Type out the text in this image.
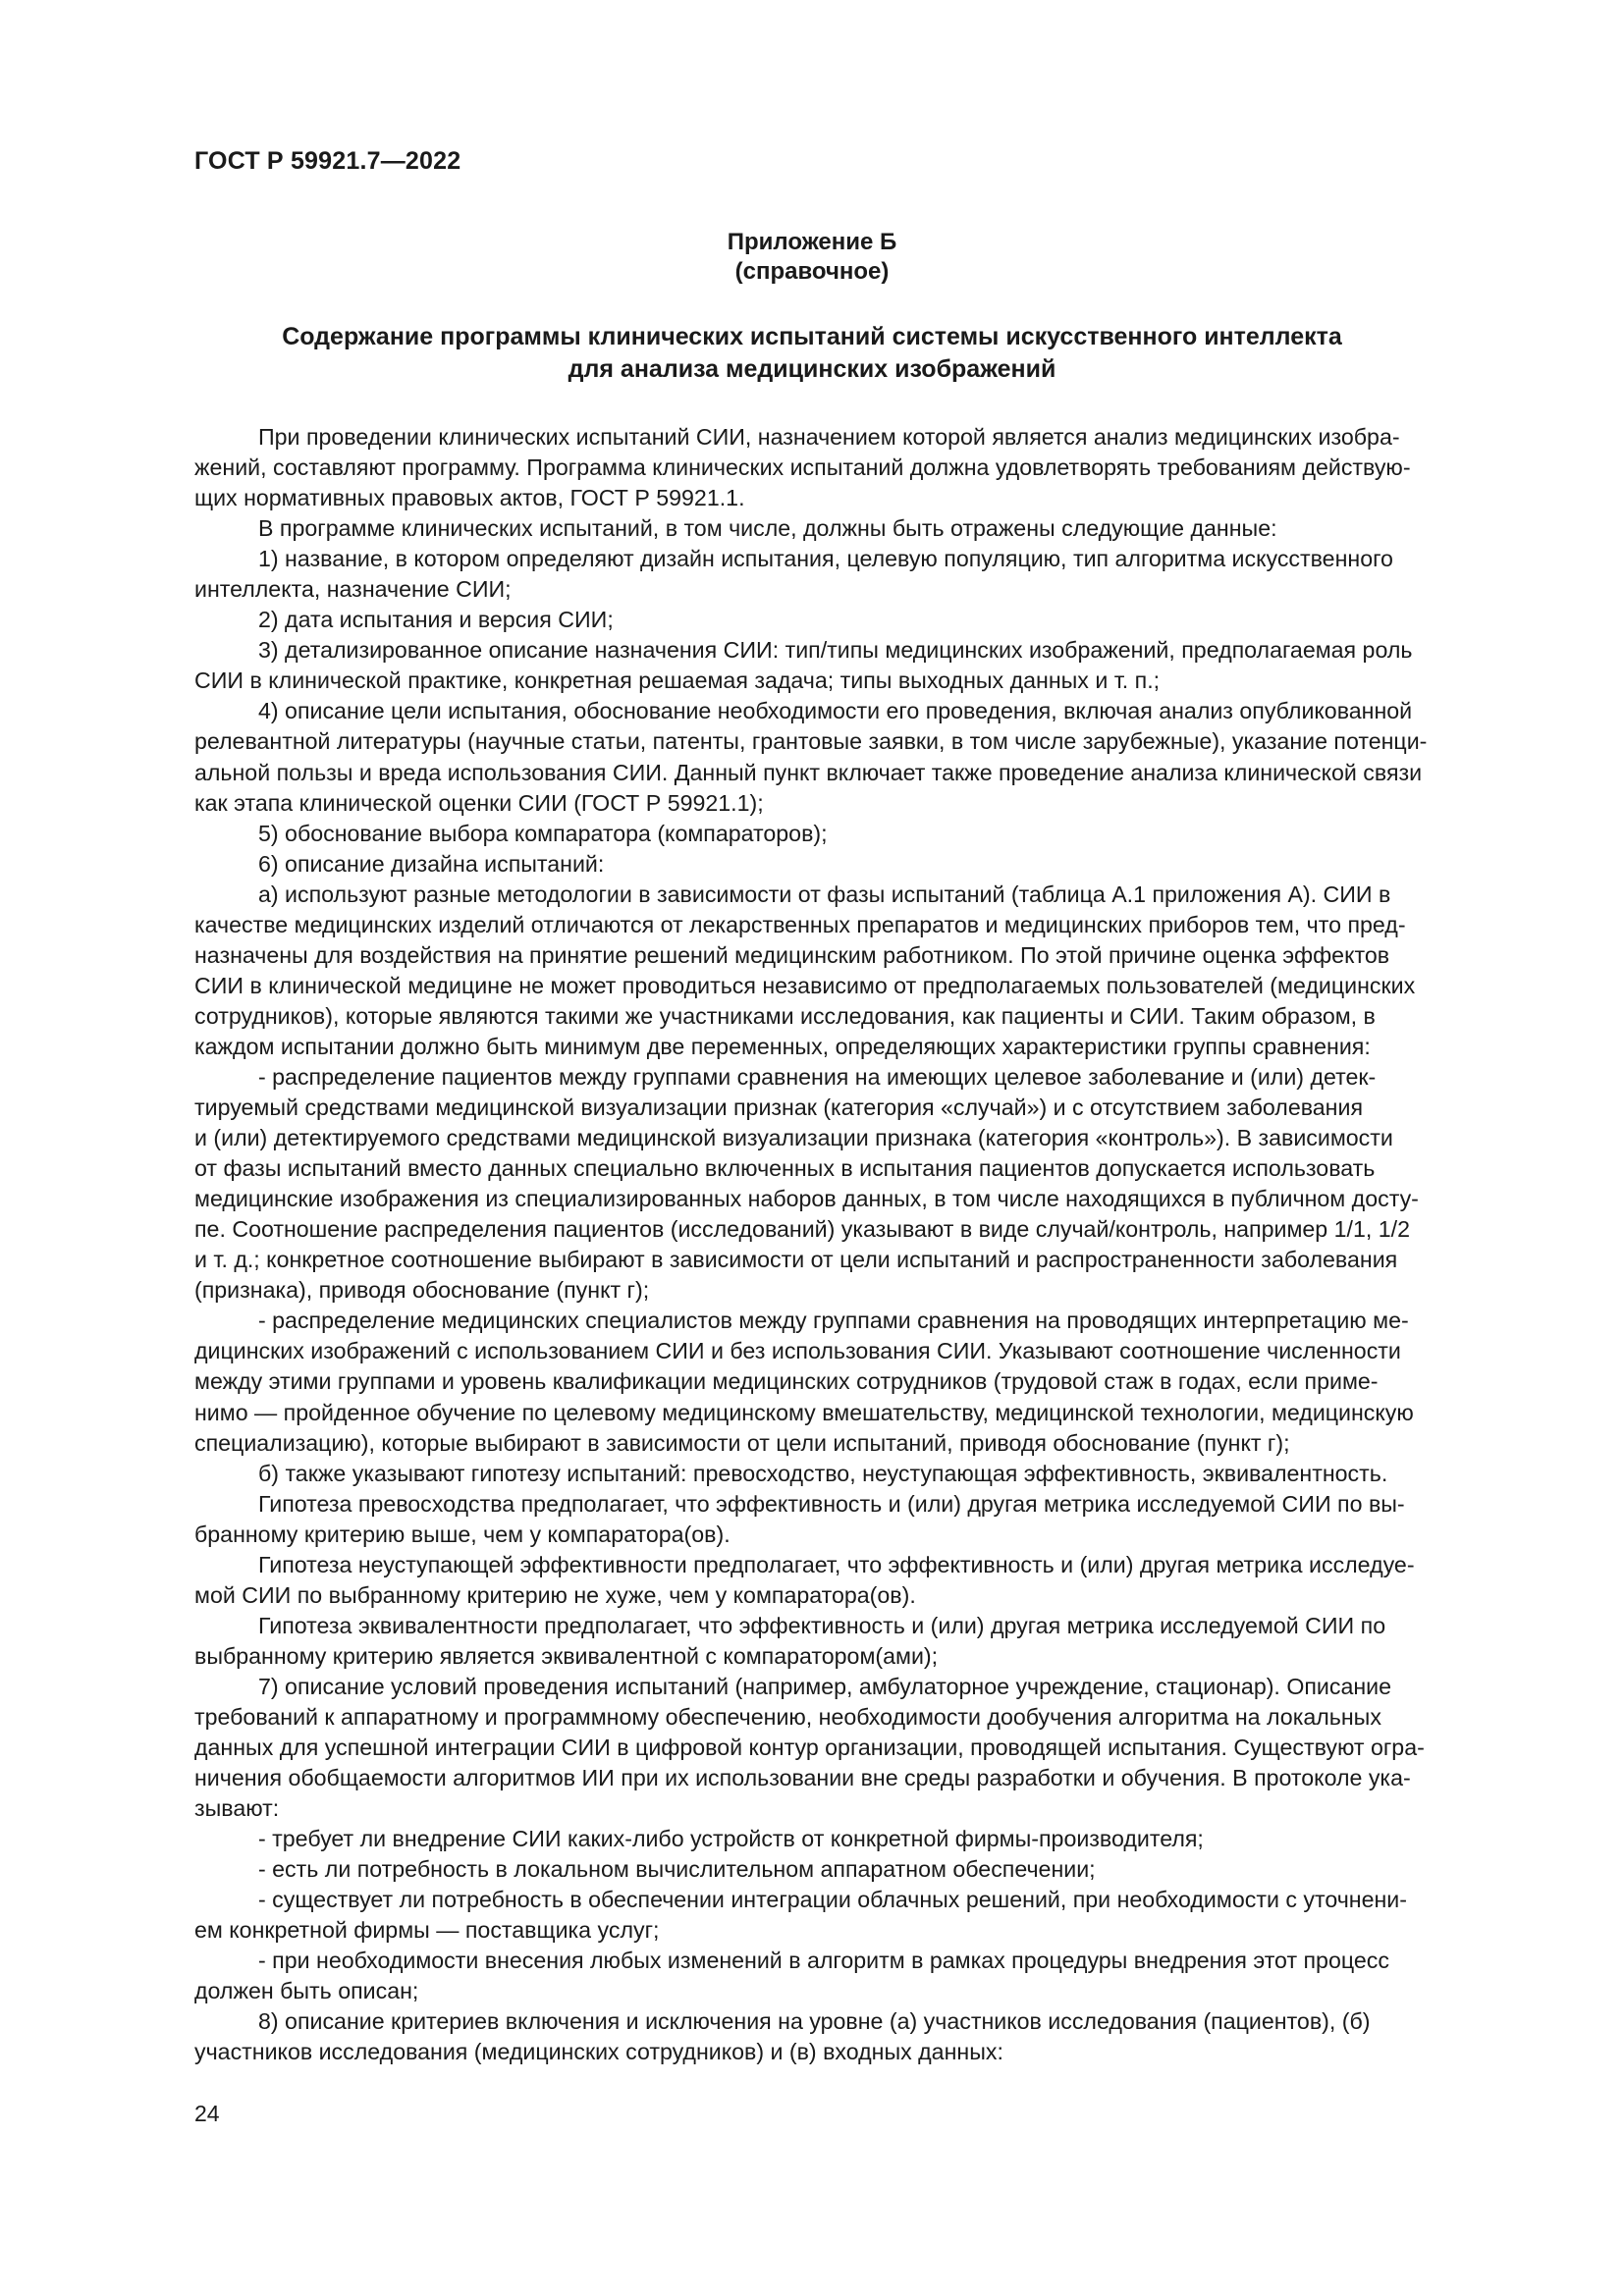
ГОСТ Р 59921.7—2022
Приложение Б
(справочное)
Содержание программы клинических испытаний системы искусственного интеллекта
для анализа медицинских изображений
При проведении клинических испытаний СИИ, назначением которой является анализ медицинских изобра-
жений, составляют программу. Программа клинических испытаний должна удовлетворять требованиям действую-
щих нормативных правовых актов, ГОСТ Р 59921.1.
В программе клинических испытаний, в том числе, должны быть отражены следующие данные:
1) название, в котором определяют дизайн испытания, целевую популяцию, тип алгоритма искусственного
интеллекта, назначение СИИ;
2) дата испытания и версия СИИ;
3) детализированное описание назначения СИИ: тип/типы медицинских изображений, предполагаемая роль
СИИ в клинической практике, конкретная решаемая задача; типы выходных данных и т. п.;
4) описание цели испытания, обоснование необходимости его проведения, включая анализ опубликованной
релевантной литературы (научные статьи, патенты, грантовые заявки, в том числе зарубежные), указание потенци-
альной пользы и вреда использования СИИ. Данный пункт включает также проведение анализа клинической связи
как этапа клинической оценки СИИ (ГОСТ Р 59921.1);
5) обоснование выбора компаратора (компараторов);
6) описание дизайна испытаний:
а) используют разные методологии в зависимости от фазы испытаний (таблица А.1 приложения А). СИИ в
качестве медицинских изделий отличаются от лекарственных препаратов и медицинских приборов тем, что пред-
назначены для воздействия на принятие решений медицинским работником. По этой причине оценка эффектов
СИИ в клинической медицине не может проводиться независимо от предполагаемых пользователей (медицинских
сотрудников), которые являются такими же участниками исследования, как пациенты и СИИ. Таким образом, в
каждом испытании должно быть минимум две переменных, определяющих характеристики группы сравнения:
- распределение пациентов между группами сравнения на имеющих целевое заболевание и (или) детек-
тируемый средствами медицинской визуализации признак (категория «случай») и с отсутствием заболевания
и (или) детектируемого средствами медицинской визуализации признака (категория «контроль»). В зависимости
от фазы испытаний вместо данных специально включенных в испытания пациентов допускается использовать
медицинские изображения из специализированных наборов данных, в том числе находящихся в публичном досту-
пе. Соотношение распределения пациентов (исследований) указывают в виде случай/контроль, например 1/1, 1/2
и т. д.; конкретное соотношение выбирают в зависимости от цели испытаний и распространенности заболевания
(признака), приводя обоснование (пункт г);
- распределение медицинских специалистов между группами сравнения на проводящих интерпретацию ме-
дицинских изображений с использованием СИИ и без использования СИИ. Указывают соотношение численности
между этими группами и уровень квалификации медицинских сотрудников (трудовой стаж в годах, если приме-
нимо — пройденное обучение по целевому медицинскому вмешательству, медицинской технологии, медицинскую
специализацию), которые выбирают в зависимости от цели испытаний, приводя обоснование (пункт г);
б) также указывают гипотезу испытаний: превосходство, неуступающая эффективность, эквивалентность.
Гипотеза превосходства предполагает, что эффективность и (или) другая метрика исследуемой СИИ по вы-
бранному критерию выше, чем у компаратора(ов).
Гипотеза неуступающей эффективности предполагает, что эффективность и (или) другая метрика исследуе-
мой СИИ по выбранному критерию не хуже, чем у компаратора(ов).
Гипотеза эквивалентности предполагает, что эффективность и (или) другая метрика исследуемой СИИ по
выбранному критерию является эквивалентной с компаратором(ами);
7) описание условий проведения испытаний (например, амбулаторное учреждение, стационар). Описание
требований к аппаратному и программному обеспечению, необходимости дообучения алгоритма на локальных
данных для успешной интеграции СИИ в цифровой контур организации, проводящей испытания. Существуют огра-
ничения обобщаемости алгоритмов ИИ при их использовании вне среды разработки и обучения. В протоколе ука-
зывают:
- требует ли внедрение СИИ каких-либо устройств от конкретной фирмы-производителя;
- есть ли потребность в локальном вычислительном аппаратном обеспечении;
- существует ли потребность в обеспечении интеграции облачных решений, при необходимости с уточнени-
ем конкретной фирмы — поставщика услуг;
- при необходимости внесения любых изменений в алгоритм в рамках процедуры внедрения этот процесс
должен быть описан;
8) описание критериев включения и исключения на уровне (а) участников исследования (пациентов), (б)
участников исследования (медицинских сотрудников) и (в) входных данных:
24
